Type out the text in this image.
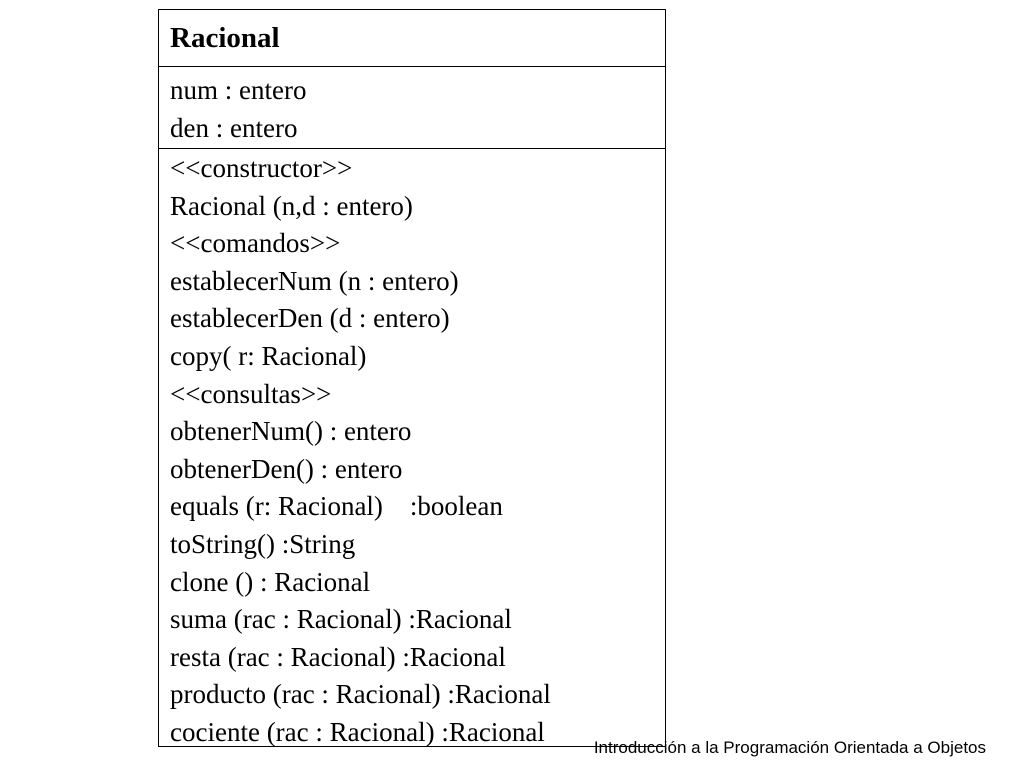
Racional
num : entero
den : entero
<<constructor>>
Racional (n,d : entero)
<<comandos>>
establecerNum (n : entero)
establecerDen (d : entero)
copy( r: Racional)
<<consultas>>
obtenerNum() : entero
obtenerDen() : entero
equals (r: Racional)    :boolean
toString() :String
clone () : Racional
suma (rac : Racional) :Racional
resta (rac : Racional) :Racional
producto (rac : Racional) :Racional
cociente (rac : Racional) :Racional
Introducción a la Programación Orientada a Objetos
